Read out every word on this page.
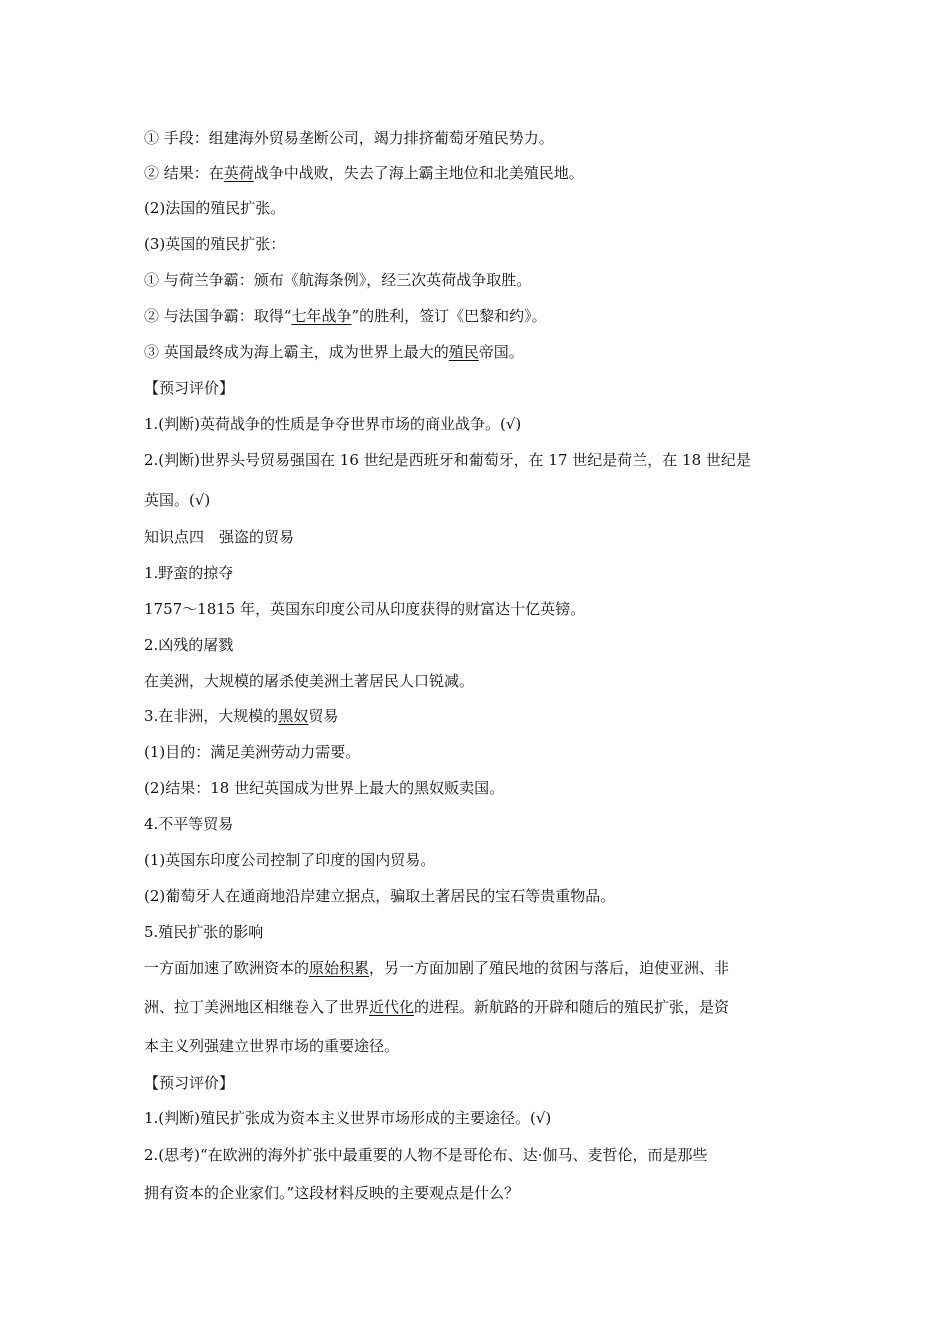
① 手段：组建海外贸易垄断公司，竭力排挤葡萄牙殖民势力。
② 结果：在英荷战争中战败，失去了海上霸主地位和北美殖民地。
(2)法国的殖民扩张。
(3)英国的殖民扩张：
① 与荷兰争霸：颁布《航海条例》，经三次英荷战争取胜。
② 与法国争霸：取得“七年战争”的胜利，签订《巴黎和约》。
③ 英国最终成为海上霸主，成为世界上最大的殖民帝国。
【预习评价】
1.(判断)英荷战争的性质是争夺世界市场的商业战争。(√)
2.(判断)世界头号贸易强国在 16 世纪是西班牙和葡萄牙，在 17 世纪是荷兰，在 18 世纪是
英国。(√)
知识点四　强盗的贸易
1.野蛮的掠夺
1757～1815 年，英国东印度公司从印度获得的财富达十亿英镑。
2.凶残的屠戮
在美洲，大规模的屠杀使美洲土著居民人口锐减。
3.在非洲，大规模的黑奴贸易
(1)目的：满足美洲劳动力需要。
(2)结果：18 世纪英国成为世界上最大的黑奴贩卖国。
4.不平等贸易
(1)英国东印度公司控制了印度的国内贸易。
(2)葡萄牙人在通商地沿岸建立据点，骗取土著居民的宝石等贵重物品。
5.殖民扩张的影响
一方面加速了欧洲资本的原始积累，另一方面加剧了殖民地的贫困与落后，迫使亚洲、非
洲、拉丁美洲地区相继卷入了世界近代化的进程。新航路的开辟和随后的殖民扩张，是资
本主义列强建立世界市场的重要途径。
【预习评价】
1.(判断)殖民扩张成为资本主义世界市场形成的主要途径。(√)
2.(思考)“在欧洲的海外扩张中最重要的人物不是哥伦布、达·伽马、麦哲伦，而是那些
拥有资本的企业家们。”这段材料反映的主要观点是什么？
